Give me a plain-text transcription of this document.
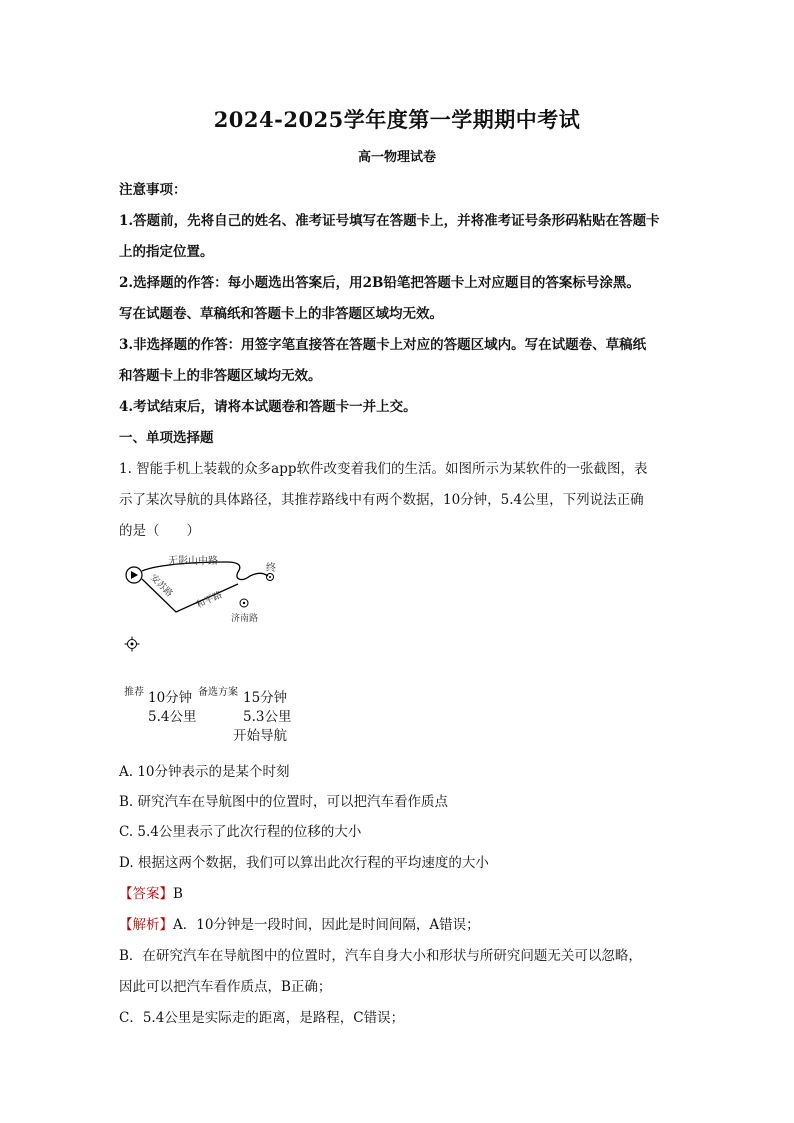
2024-2025学年度第一学期期中考试
高一物理试卷
注意事项：
1.答题前，先将自己的姓名、准考证号填写在答题卡上，并将准考证号条形码粘贴在答题卡
上的指定位置。
2.选择题的作答：每小题选出答案后，用2B铅笔把答题卡上对应题目的答案标号涂黑。
写在试题卷、草稿纸和答题卡上的非答题区域均无效。
3.非选择题的作答：用签字笔直接答在答题卡上对应的答题区域内。写在试题卷、草稿纸
和答题卡上的非答题区域均无效。
4.考试结束后，请将本试题卷和答题卡一并上交。
一、单项选择题
1. 智能手机上装载的众多app软件改变着我们的生活。如图所示为某软件的一张截图，表
示了某次导航的具体路径，其推荐路线中有两个数据，10分钟，5.4公里，下列说法正确
的是（　　）
无影山中路
安苏路
和平路
终
济南路
推荐 10分钟 备选方案 15分钟
5.4公里	5.3公里
开始导航
A. 10分钟表示的是某个时刻
B. 研究汽车在导航图中的位置时，可以把汽车看作质点
C. 5.4公里表示了此次行程的位移的大小
D. 根据这两个数据，我们可以算出此次行程的平均速度的大小
【答案】B
【解析】A．10分钟是一段时间，因此是时间间隔，A错误；
B．在研究汽车在导航图中的位置时，汽车自身大小和形状与所研究问题无关可以忽略，
因此可以把汽车看作质点，B正确；
C．5.4公里是实际走的距离，是路程，C错误；
